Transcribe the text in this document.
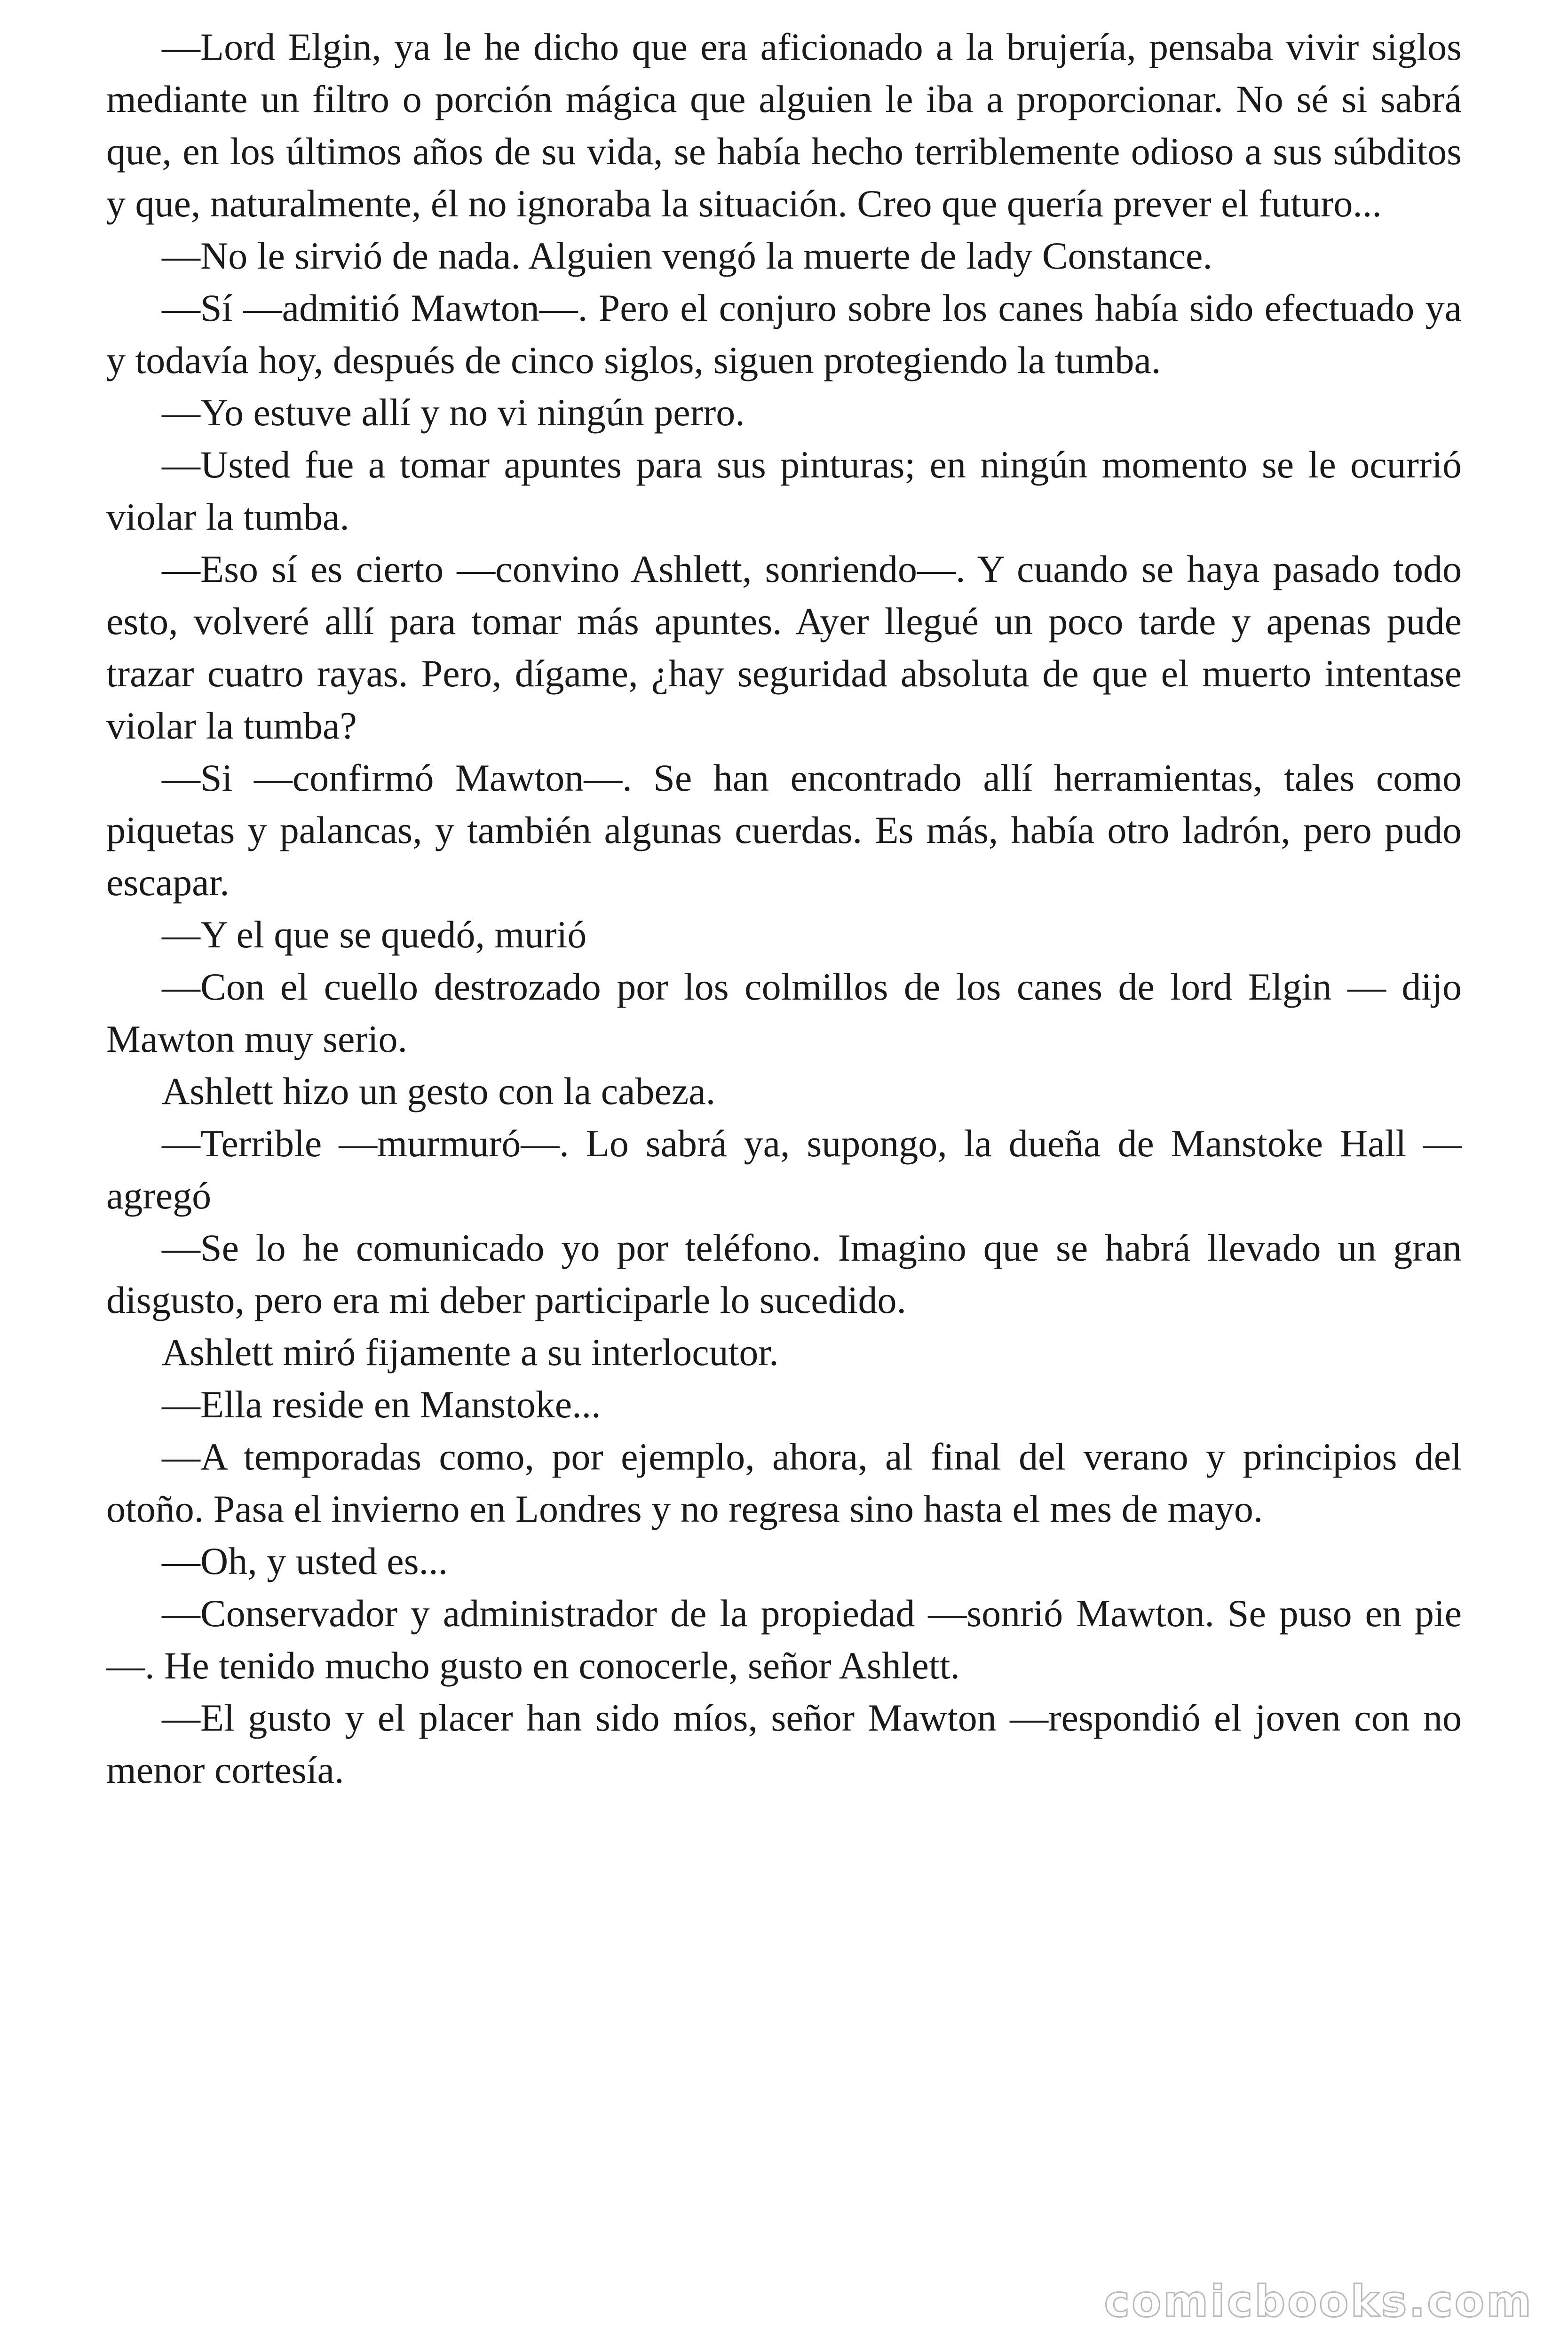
—Lord Elgin, ya le he dicho que era aficionado a la brujería, pensaba vivir siglos mediante un filtro o porción mágica que alguien le iba a proporcionar. No sé si sabrá que, en los últimos años de su vida, se había hecho terriblemente odioso a sus súbditos y que, naturalmente, él no ignoraba la situación. Creo que quería prever el futuro...

—No le sirvió de nada. Alguien vengó la muerte de lady Constance.

—Sí —admitió Mawton—. Pero el conjuro sobre los canes había sido efectuado ya y todavía hoy, después de cinco siglos, siguen protegiendo la tumba.

—Yo estuve allí y no vi ningún perro.

—Usted fue a tomar apuntes para sus pinturas; en ningún momento se le ocurrió violar la tumba.

—Eso sí es cierto —convino Ashlett, sonriendo—. Y cuando se haya pasado todo esto, volveré allí para tomar más apuntes. Ayer llegué un poco tarde y apenas pude trazar cuatro rayas. Pero, dígame, ¿hay seguridad absoluta de que el muerto intentase violar la tumba?

—Si —confirmó Mawton—. Se han encontrado allí herramientas, tales como piquetas y palancas, y también algunas cuerdas. Es más, había otro ladrón, pero pudo escapar.

—Y el que se quedó, murió

—Con el cuello destrozado por los colmillos de los canes de lord Elgin — dijo Mawton muy serio.

Ashlett hizo un gesto con la cabeza.

—Terrible —murmuró—. Lo sabrá ya, supongo, la dueña de Manstoke Hall —agregó

—Se lo he comunicado yo por teléfono. Imagino que se habrá llevado un gran disgusto, pero era mi deber participarle lo sucedido.

Ashlett miró fijamente a su interlocutor.

—Ella reside en Manstoke...

—A temporadas como, por ejemplo, ahora, al final del verano y principios del otoño. Pasa el invierno en Londres y no regresa sino hasta el mes de mayo.

—Oh, y usted es...

—Conservador y administrador de la propiedad —sonrió Mawton. Se puso en pie—. He tenido mucho gusto en conocerle, señor Ashlett.

—El gusto y el placer han sido míos, señor Mawton —respondió el joven con no menor cortesía.

comicbooks.com
